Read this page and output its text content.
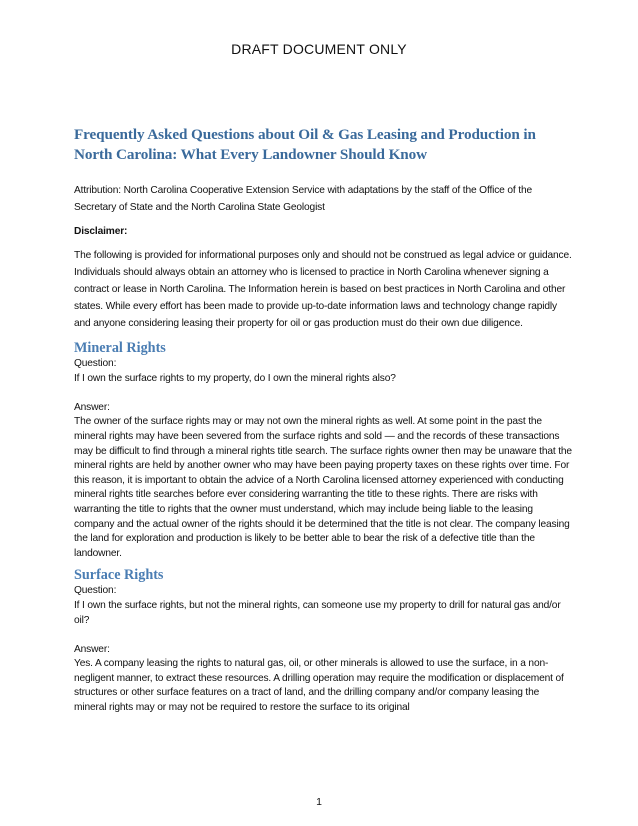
DRAFT DOCUMENT ONLY
Frequently Asked Questions about Oil & Gas Leasing and Production in North Carolina: What Every Landowner Should Know

Attribution: North Carolina Cooperative Extension Service with adaptations by the staff of the Office of the Secretary of State and the North Carolina State Geologist

Disclaimer:

The following is provided for informational purposes only and should not be construed as legal advice or guidance. Individuals should always obtain an attorney who is licensed to practice in North Carolina whenever signing a contract or lease in North Carolina. The Information herein is based on best practices in North Carolina and other states. While every effort has been made to provide up-to-date information laws and technology change rapidly and anyone considering leasing their property for oil or gas production must do their own due diligence.

Mineral Rights

Question:

If I own the surface rights to my property, do I own the mineral rights also?

Answer:

The owner of the surface rights may or may not own the mineral rights as well. At some point in the past the mineral rights may have been severed from the surface rights and sold — and the records of these transactions may be difficult to find through a mineral rights title search. The surface rights owner then may be unaware that the mineral rights are held by another owner who may have been paying property taxes on these rights over time. For this reason, it is important to obtain the advice of a North Carolina licensed attorney experienced with conducting mineral rights title searches before ever considering warranting the title to these rights. There are risks with warranting the title to rights that the owner must understand, which may include being liable to the leasing company and the actual owner of the rights should it be determined that the title is not clear. The company leasing the land for exploration and production is likely to be better able to bear the risk of a defective title than the landowner.

Surface Rights

Question:

If I own the surface rights, but not the mineral rights, can someone use my property to drill for natural gas and/or oil?

Answer:

Yes. A company leasing the rights to natural gas, oil, or other minerals is allowed to use the surface, in a non-negligent manner, to extract these resources. A drilling operation may require the modification or displacement of structures or other surface features on a tract of land, and the drilling company and/or company leasing the mineral rights may or may not be required to restore the surface to its original

1
